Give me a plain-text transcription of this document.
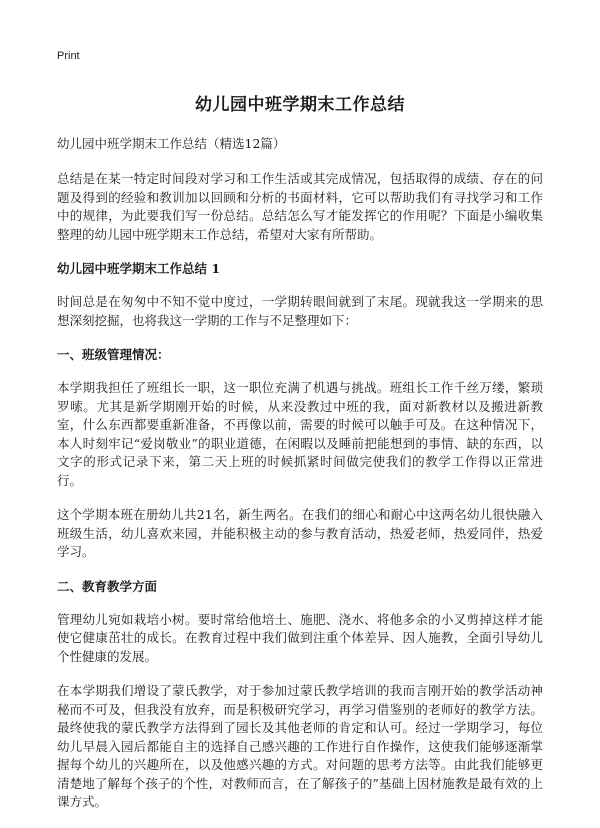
Print
幼儿园中班学期末工作总结
幼儿园中班学期末工作总结（精选12篇）

总结是在某一特定时间段对学习和工作生活或其完成情况，包括取得的成绩、存在的问题及得到的经验和教训加以回顾和分析的书面材料，它可以帮助我们有寻找学习和工作中的规律，为此要我们写一份总结。总结怎么写才能发挥它的作用呢？下面是小编收集整理的幼儿园中班学期末工作总结，希望对大家有所帮助。

幼儿园中班学期末工作总结 1

时间总是在匆匆中不知不觉中度过，一学期转眼间就到了末尾。现就我这一学期来的思想深刻挖掘，也将我这一学期的工作与不足整理如下：

一、班级管理情况：

本学期我担任了班组长一职，这一职位充满了机遇与挑战。班组长工作千丝万缕，繁琐罗嗦。尤其是新学期刚开始的时候，从来没教过中班的我，面对新教材以及搬进新教室，什么东西都要重新准备，不再像以前，需要的时候可以触手可及。在这种情况下，本人时刻牢记“爱岗敬业”的职业道德，在闲暇以及睡前把能想到的事情、缺的东西，以文字的形式记录下来，第二天上班的时候抓紧时间做完使我们的教学工作得以正常进行。

这个学期本班在册幼儿共21名，新生两名。在我们的细心和耐心中这两名幼儿很快融入班级生活，幼儿喜欢来园，并能积极主动的参与教育活动，热爱老师，热爱同伴，热爱学习。

二、教育教学方面

管理幼儿宛如栽培小树。要时常给他培土、施肥、浇水、将他多余的小叉剪掉这样才能使它健康茁壮的成长。在教育过程中我们做到注重个体差异、因人施教，全面引导幼儿个性健康的发展。

在本学期我们增设了蒙氏教学，对于参加过蒙氏教学培训的我而言刚开始的教学活动神秘而不可及，但我没有放弃，而是积极研究学习，再学习借鉴别的老师好的教学方法。最终使我的蒙氏教学方法得到了园长及其他老师的肯定和认可。经过一学期学习，每位幼儿早晨入园后都能自主的选择自己感兴趣的工作进行自作操作，这使我们能够逐渐掌握每个幼儿的兴趣所在，以及他感兴趣的方式。对问题的思考方法等。由此我们能够更清楚地了解每个孩子的个性，对教师而言，在了解孩子的”基础上因材施教是最有效的上课方式。
